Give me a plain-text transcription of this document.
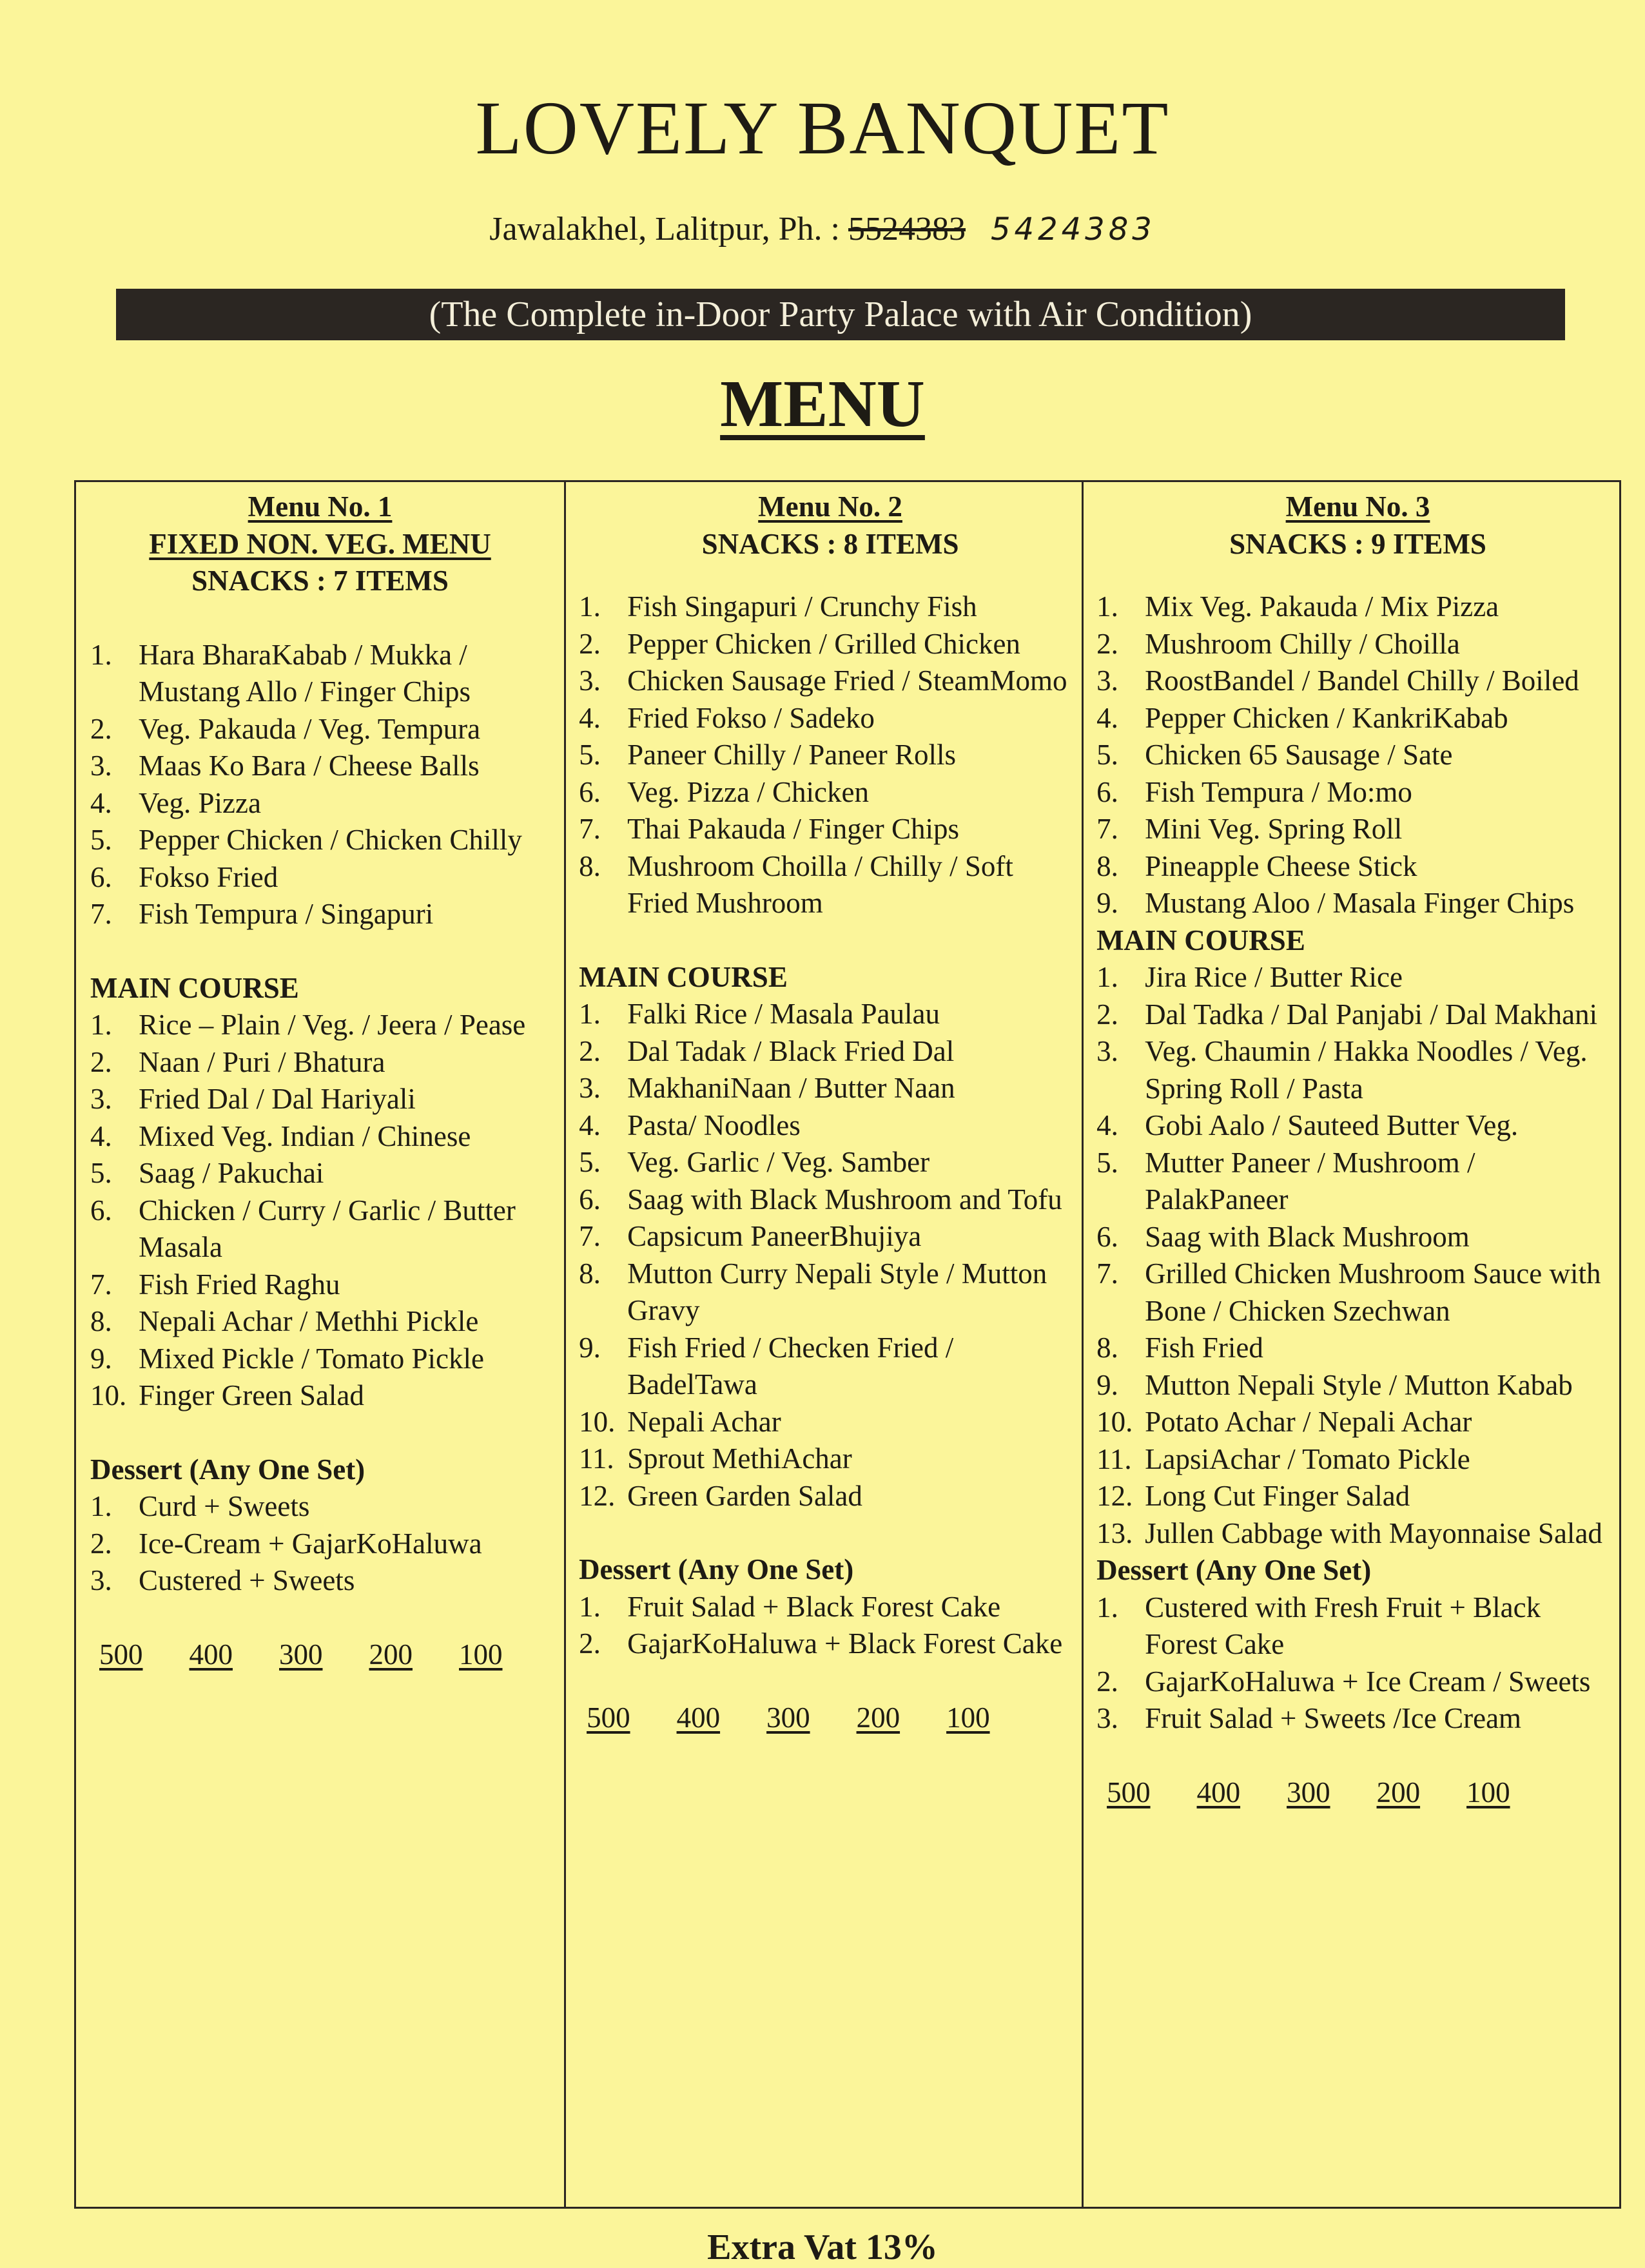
LOVELY BANQUET
Jawalakhel, Lalitpur, Ph. : 5524383 5424383
(The Complete in-Door Party Palace with Air Condition)
MENU
Menu No. 1
FIXED NON. VEG. MENU
SNACKS : 7 ITEMS
1. Hara BharaKabab / Mukka / Mustang Allo / Finger Chips
2. Veg. Pakauda / Veg. Tempura
3. Maas Ko Bara / Cheese Balls
4. Veg. Pizza
5. Pepper Chicken / Chicken Chilly
6. Fokso Fried
7. Fish Tempura / Singapuri
MAIN COURSE
1. Rice – Plain / Veg. / Jeera / Pease
2. Naan / Puri / Bhatura
3. Fried Dal / Dal Hariyali
4. Mixed Veg. Indian / Chinese
5. Saag / Pakuchai
6. Chicken / Curry / Garlic / Butter Masala
7. Fish Fried Raghu
8. Nepali Achar / Methhi Pickle
9. Mixed Pickle / Tomato Pickle
10. Finger Green Salad
Dessert (Any One Set)
1. Curd + Sweets
2. Ice-Cream + GajarKoHaluwa
3. Custered + Sweets
500 400 300 200 100
Menu No. 2
SNACKS : 8 ITEMS
1. Fish Singapuri / Crunchy Fish
2. Pepper Chicken / Grilled Chicken
3. Chicken Sausage Fried / SteamMomo
4. Fried Fokso / Sadeko
5. Paneer Chilly / Paneer Rolls
6. Veg. Pizza / Chicken
7. Thai Pakauda / Finger Chips
8. Mushroom Choilla / Chilly / Soft Fried Mushroom
MAIN COURSE
1. Falki Rice / Masala Paulau
2. Dal Tadak / Black Fried Dal
3. MakhaniNaan / Butter Naan
4. Pasta/ Noodles
5. Veg. Garlic / Veg. Samber
6. Saag with Black Mushroom and Tofu
7. Capsicum PaneerBhujiya
8. Mutton Curry Nepali Style / Mutton Gravy
9. Fish Fried / Checken Fried / BadelTawa
10. Nepali Achar
11. Sprout MethiAchar
12. Green Garden Salad
Dessert (Any One Set)
1. Fruit Salad + Black Forest Cake
2. GajarKoHaluwa + Black Forest Cake
500 400 300 200 100
Menu No. 3
SNACKS : 9 ITEMS
1. Mix Veg. Pakauda / Mix Pizza
2. Mushroom Chilly / Choilla
3. RoostBandel / Bandel Chilly / Boiled
4. Pepper Chicken / KankriKabab
5. Chicken 65 Sausage / Sate
6. Fish Tempura / Mo:mo
7. Mini Veg. Spring Roll
8. Pineapple Cheese Stick
9. Mustang Aloo / Masala Finger Chips
MAIN COURSE
1. Jira Rice / Butter Rice
2. Dal Tadka / Dal Panjabi / Dal Makhani
3. Veg. Chaumin / Hakka Noodles / Veg. Spring Roll / Pasta
4. Gobi Aalo / Sauteed Butter Veg.
5. Mutter Paneer / Mushroom / PalakPaneer
6. Saag with Black Mushroom
7. Grilled Chicken Mushroom Sauce with Bone / Chicken Szechwan
8. Fish Fried
9. Mutton Nepali Style / Mutton Kabab
10. Potato Achar / Nepali Achar
11. LapsiAchar / Tomato Pickle
12. Long Cut Finger Salad
13. Jullen Cabbage with Mayonnaise Salad
Dessert (Any One Set)
1. Custered with Fresh Fruit + Black Forest Cake
2. GajarKoHaluwa + Ice Cream / Sweets
3. Fruit Salad + Sweets /Ice Cream
500 400 300 200 100
Extra Vat 13%
